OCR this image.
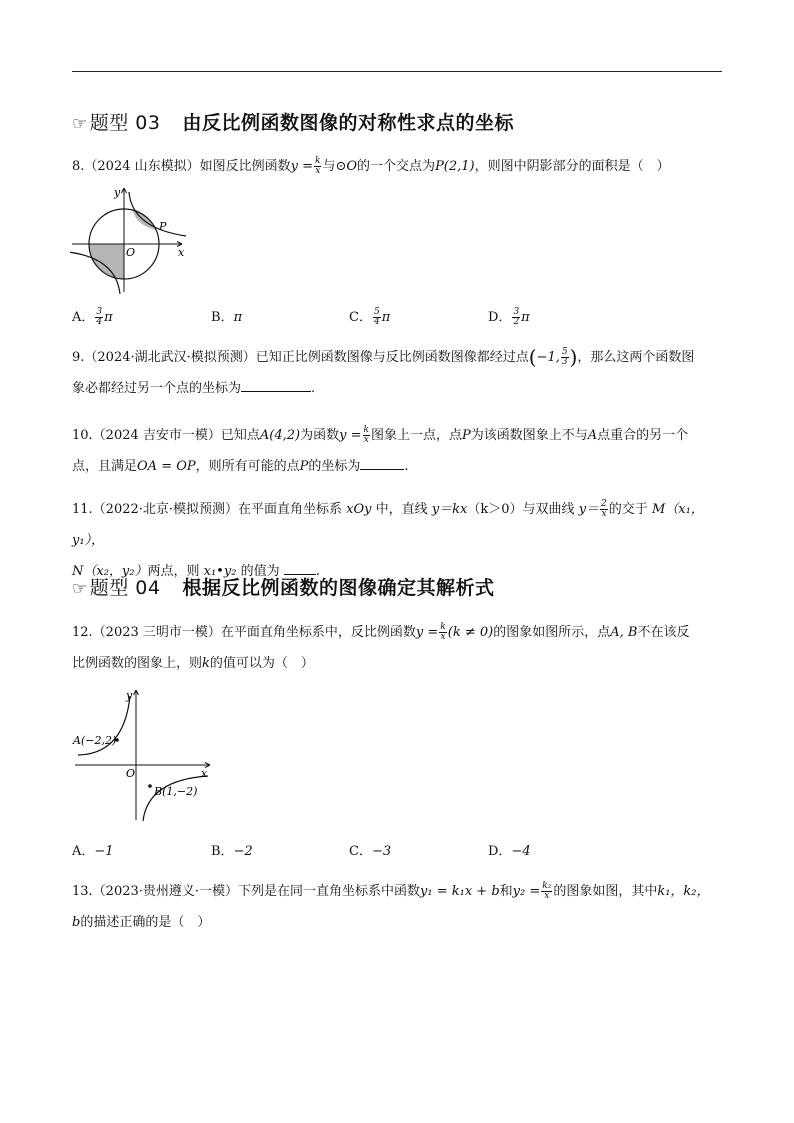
☞ 题型 03 由反比例函数图像的对称性求点的坐标
8.（2024 山东模拟）如图反比例函数$y = \frac{k}{x}$ 与⊙O的一个交点为P(2,1)，则图中阴影部分的面积是（　）
y
x
O
P
A． $\frac{3}{4}$ π	B．π	C． $\frac{5}{4}$ π	D． $\frac{3}{2}$ π
9.（2024·湖北武汉·模拟预测）已知正比例函数图像与反比例函数图像都经过点(−1, $\frac{5}{3}$ )，那么这两个函数图
象必都经过另一个点的坐标为	.
10.（2024 吉安市一模）已知点A(4,2)为函数$y = \frac{k}{x}$ 图象上一点，点P为该函数图象上不与A点重合的另一个
点，且满足OA = OP，则所有可能的点P的坐标为	.
11.（2022·北京·模拟预测）在平面直角坐标系 xOy 中，直线 y＝kx（k＞0）与双曲线 $y= \frac{2}{x}$ 的交于 M（x₁，y₁），
N（x₂，y₂）两点，则 x₁•y₂ 的值为	.
☞ 题型 04 根据反比例函数的图像确定其解析式
12.（2023 三明市一模）在平面直角坐标系中，反比例函数$y = \frac{k}{x} (k \ne 0)$的图象如图所示，点A, B不在该反
比例函数的图象上，则k的值可以为（　）
A(−2,2)
B(1,−2)
O	x
y
A．−1	B．−2	C．−3	D．−4
13.（2023·贵州遵义·一模）下列是在同一直角坐标系中函数y₁ = k₁x + b和$y_2 = \frac{\text{k₂}}{x}$ 的图象如图，其中k₁，k₂，
b的描述正确的是（　）
